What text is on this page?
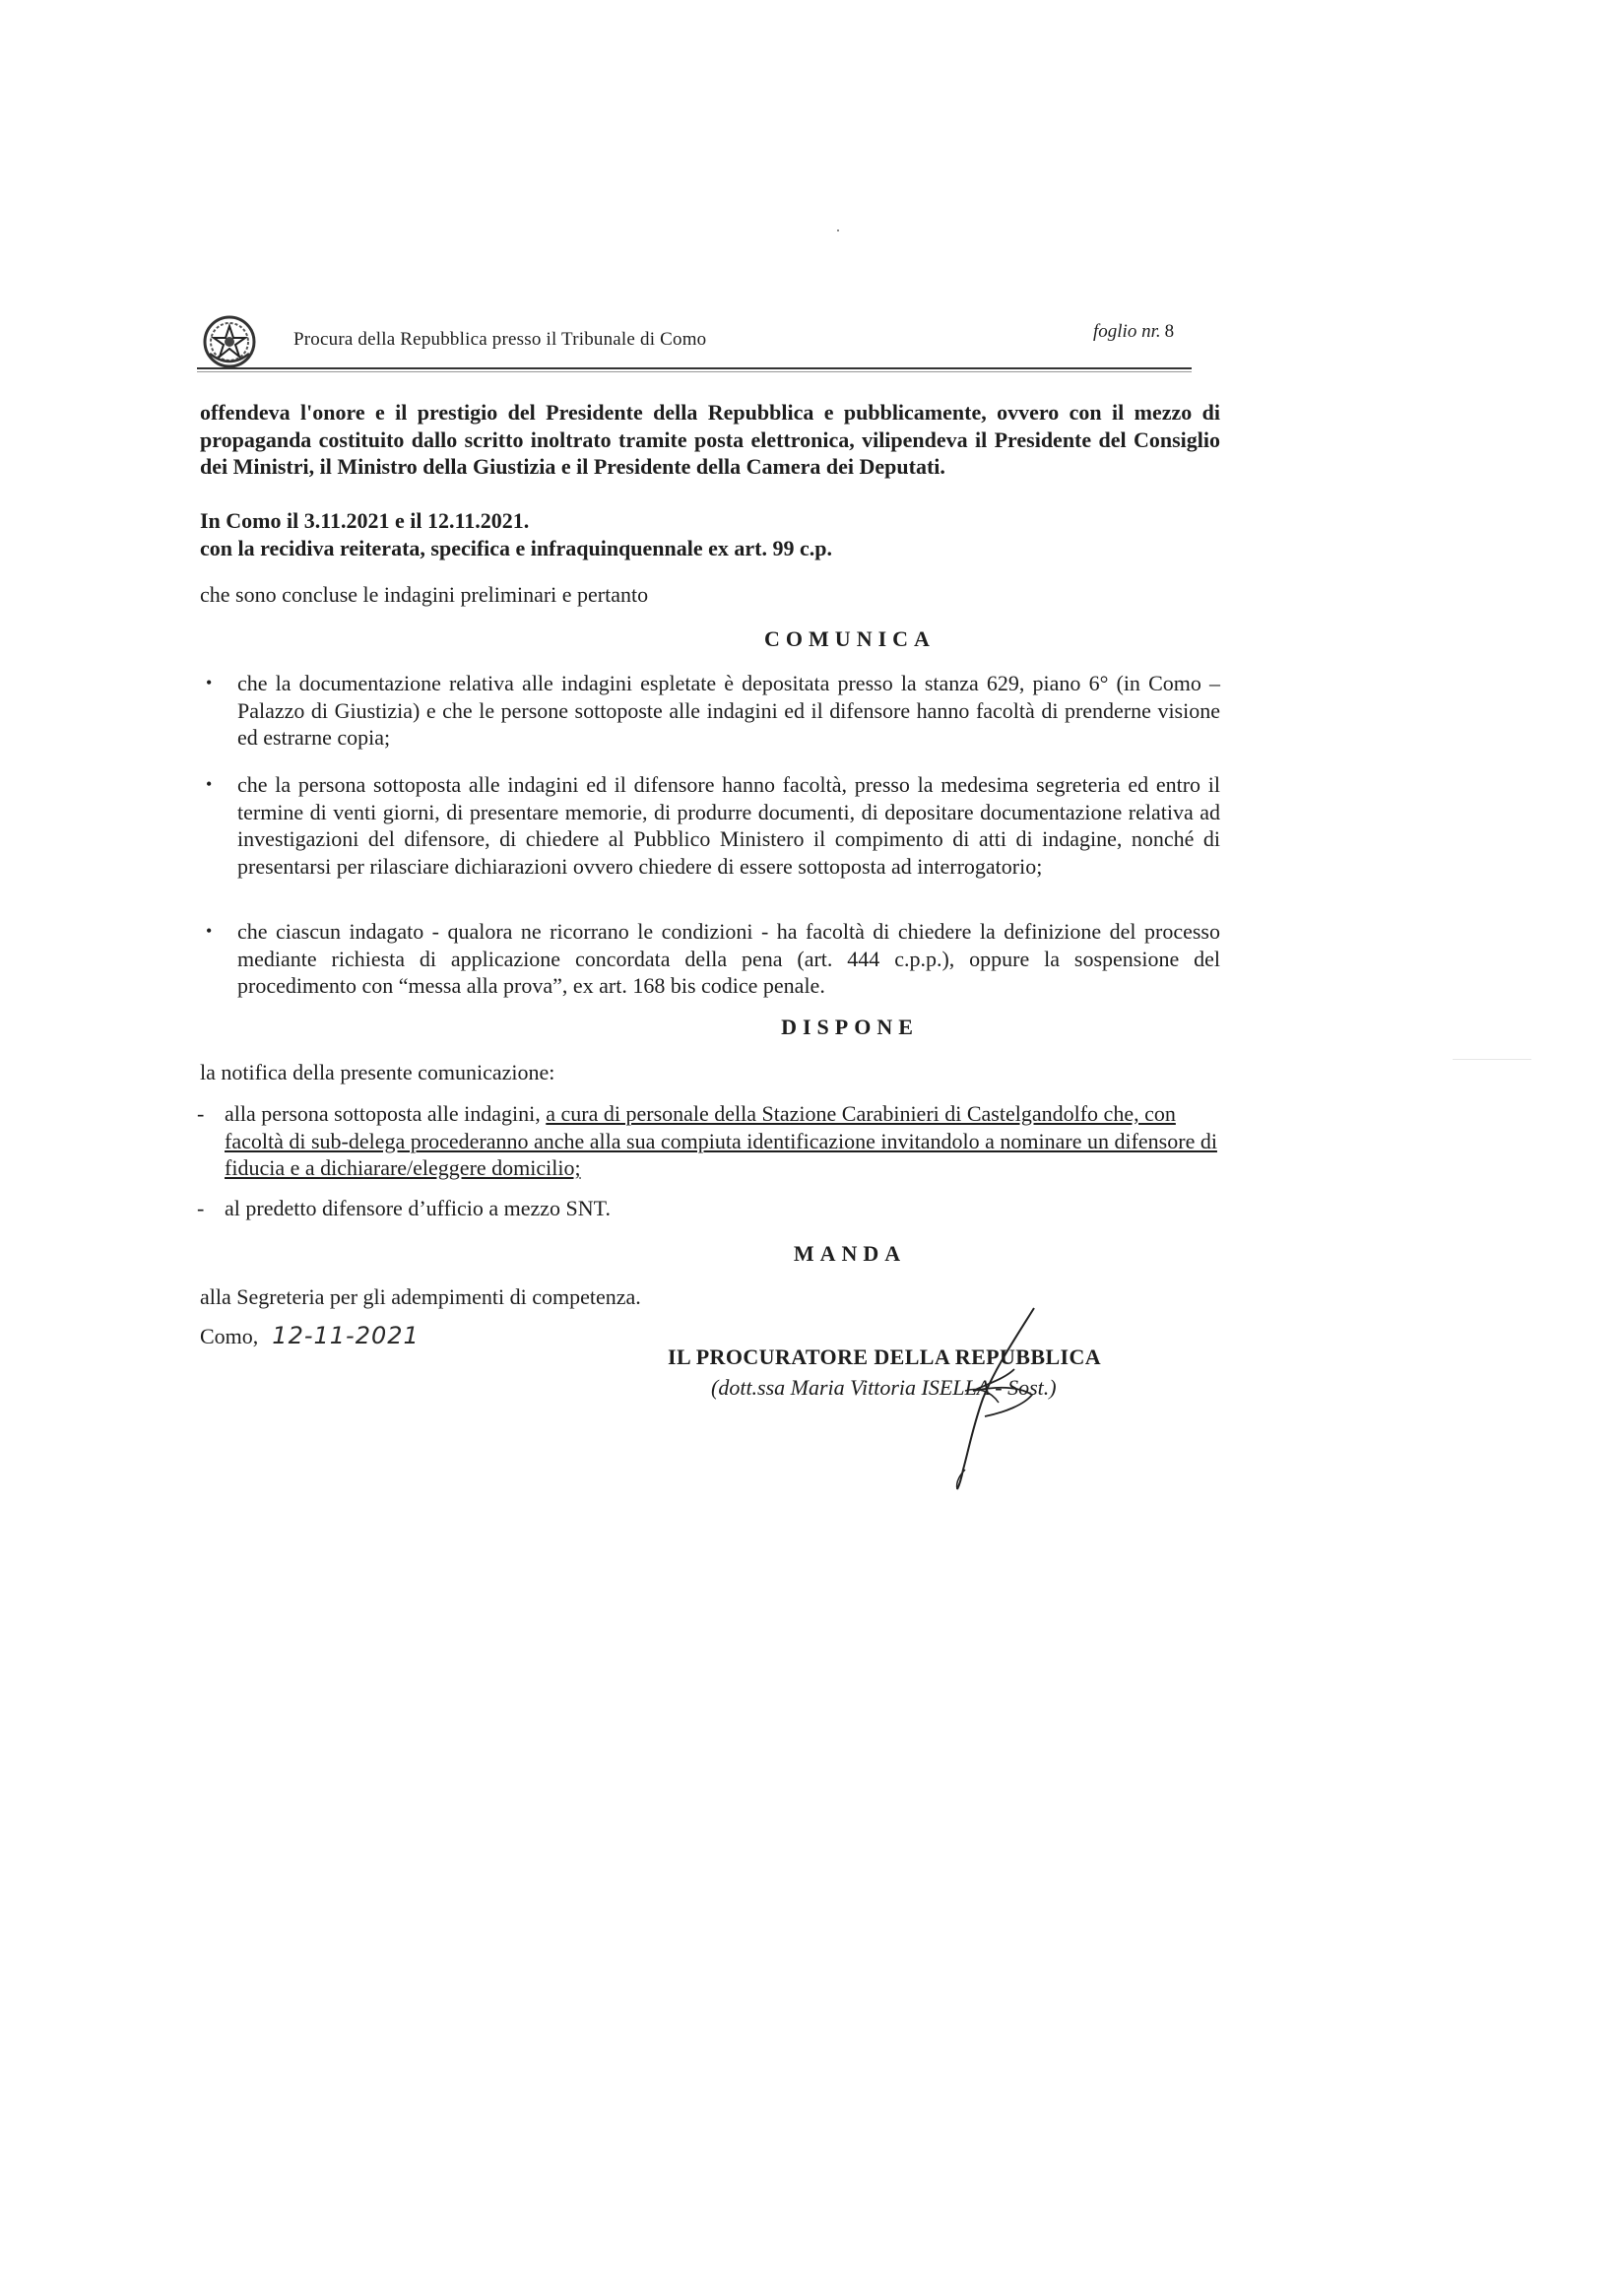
Procura della Repubblica presso il Tribunale di Como	foglio nr. 8
offendeva l'onore e il prestigio del Presidente della Repubblica e pubblicamente, ovvero con il mezzo di propaganda costituito dallo scritto inoltrato tramite posta elettronica, vilipendeva il Presidente del Consiglio dei Ministri, il Ministro della Giustizia e il Presidente della Camera dei Deputati.
In Como il 3.11.2021 e il 12.11.2021.
con la recidiva reiterata, specifica e infraquinquennale ex art. 99 c.p.
che sono concluse le indagini preliminari e pertanto
COMUNICA
• che la documentazione relativa alle indagini espletate è depositata presso la stanza 629, piano 6° (in Como – Palazzo di Giustizia) e che le persone sottoposte alle indagini ed il difensore hanno facoltà di prenderne visione ed estrarne copia;
• che la persona sottoposta alle indagini ed il difensore hanno facoltà, presso la medesima segreteria ed entro il termine di venti giorni, di presentare memorie, di produrre documenti, di depositare documentazione relativa ad investigazioni del difensore, di chiedere al Pubblico Ministero il compimento di atti di indagine, nonché di presentarsi per rilasciare dichiarazioni ovvero chiedere di essere sottoposta ad interrogatorio;
• che ciascun indagato - qualora ne ricorrano le condizioni - ha facoltà di chiedere la definizione del processo mediante richiesta di applicazione concordata della pena (art. 444 c.p.p.), oppure la sospensione del procedimento con “messa alla prova”, ex art. 168 bis codice penale.
DISPONE
la notifica della presente comunicazione:
- alla persona sottoposta alle indagini, a cura di personale della Stazione Carabinieri di Castelgandolfo che, con facoltà di sub-delega procederanno anche alla sua compiuta identificazione invitandolo a nominare un difensore di fiducia e a dichiarare/eleggere domicilio;
- al predetto difensore d’ufficio a mezzo SNT.
MANDA
alla Segreteria per gli adempimenti di competenza.
Como, 12-11-2021
IL PROCURATORE DELLA REPUBBLICA
(dott.ssa Maria Vittoria ISELLA - Sost.)
